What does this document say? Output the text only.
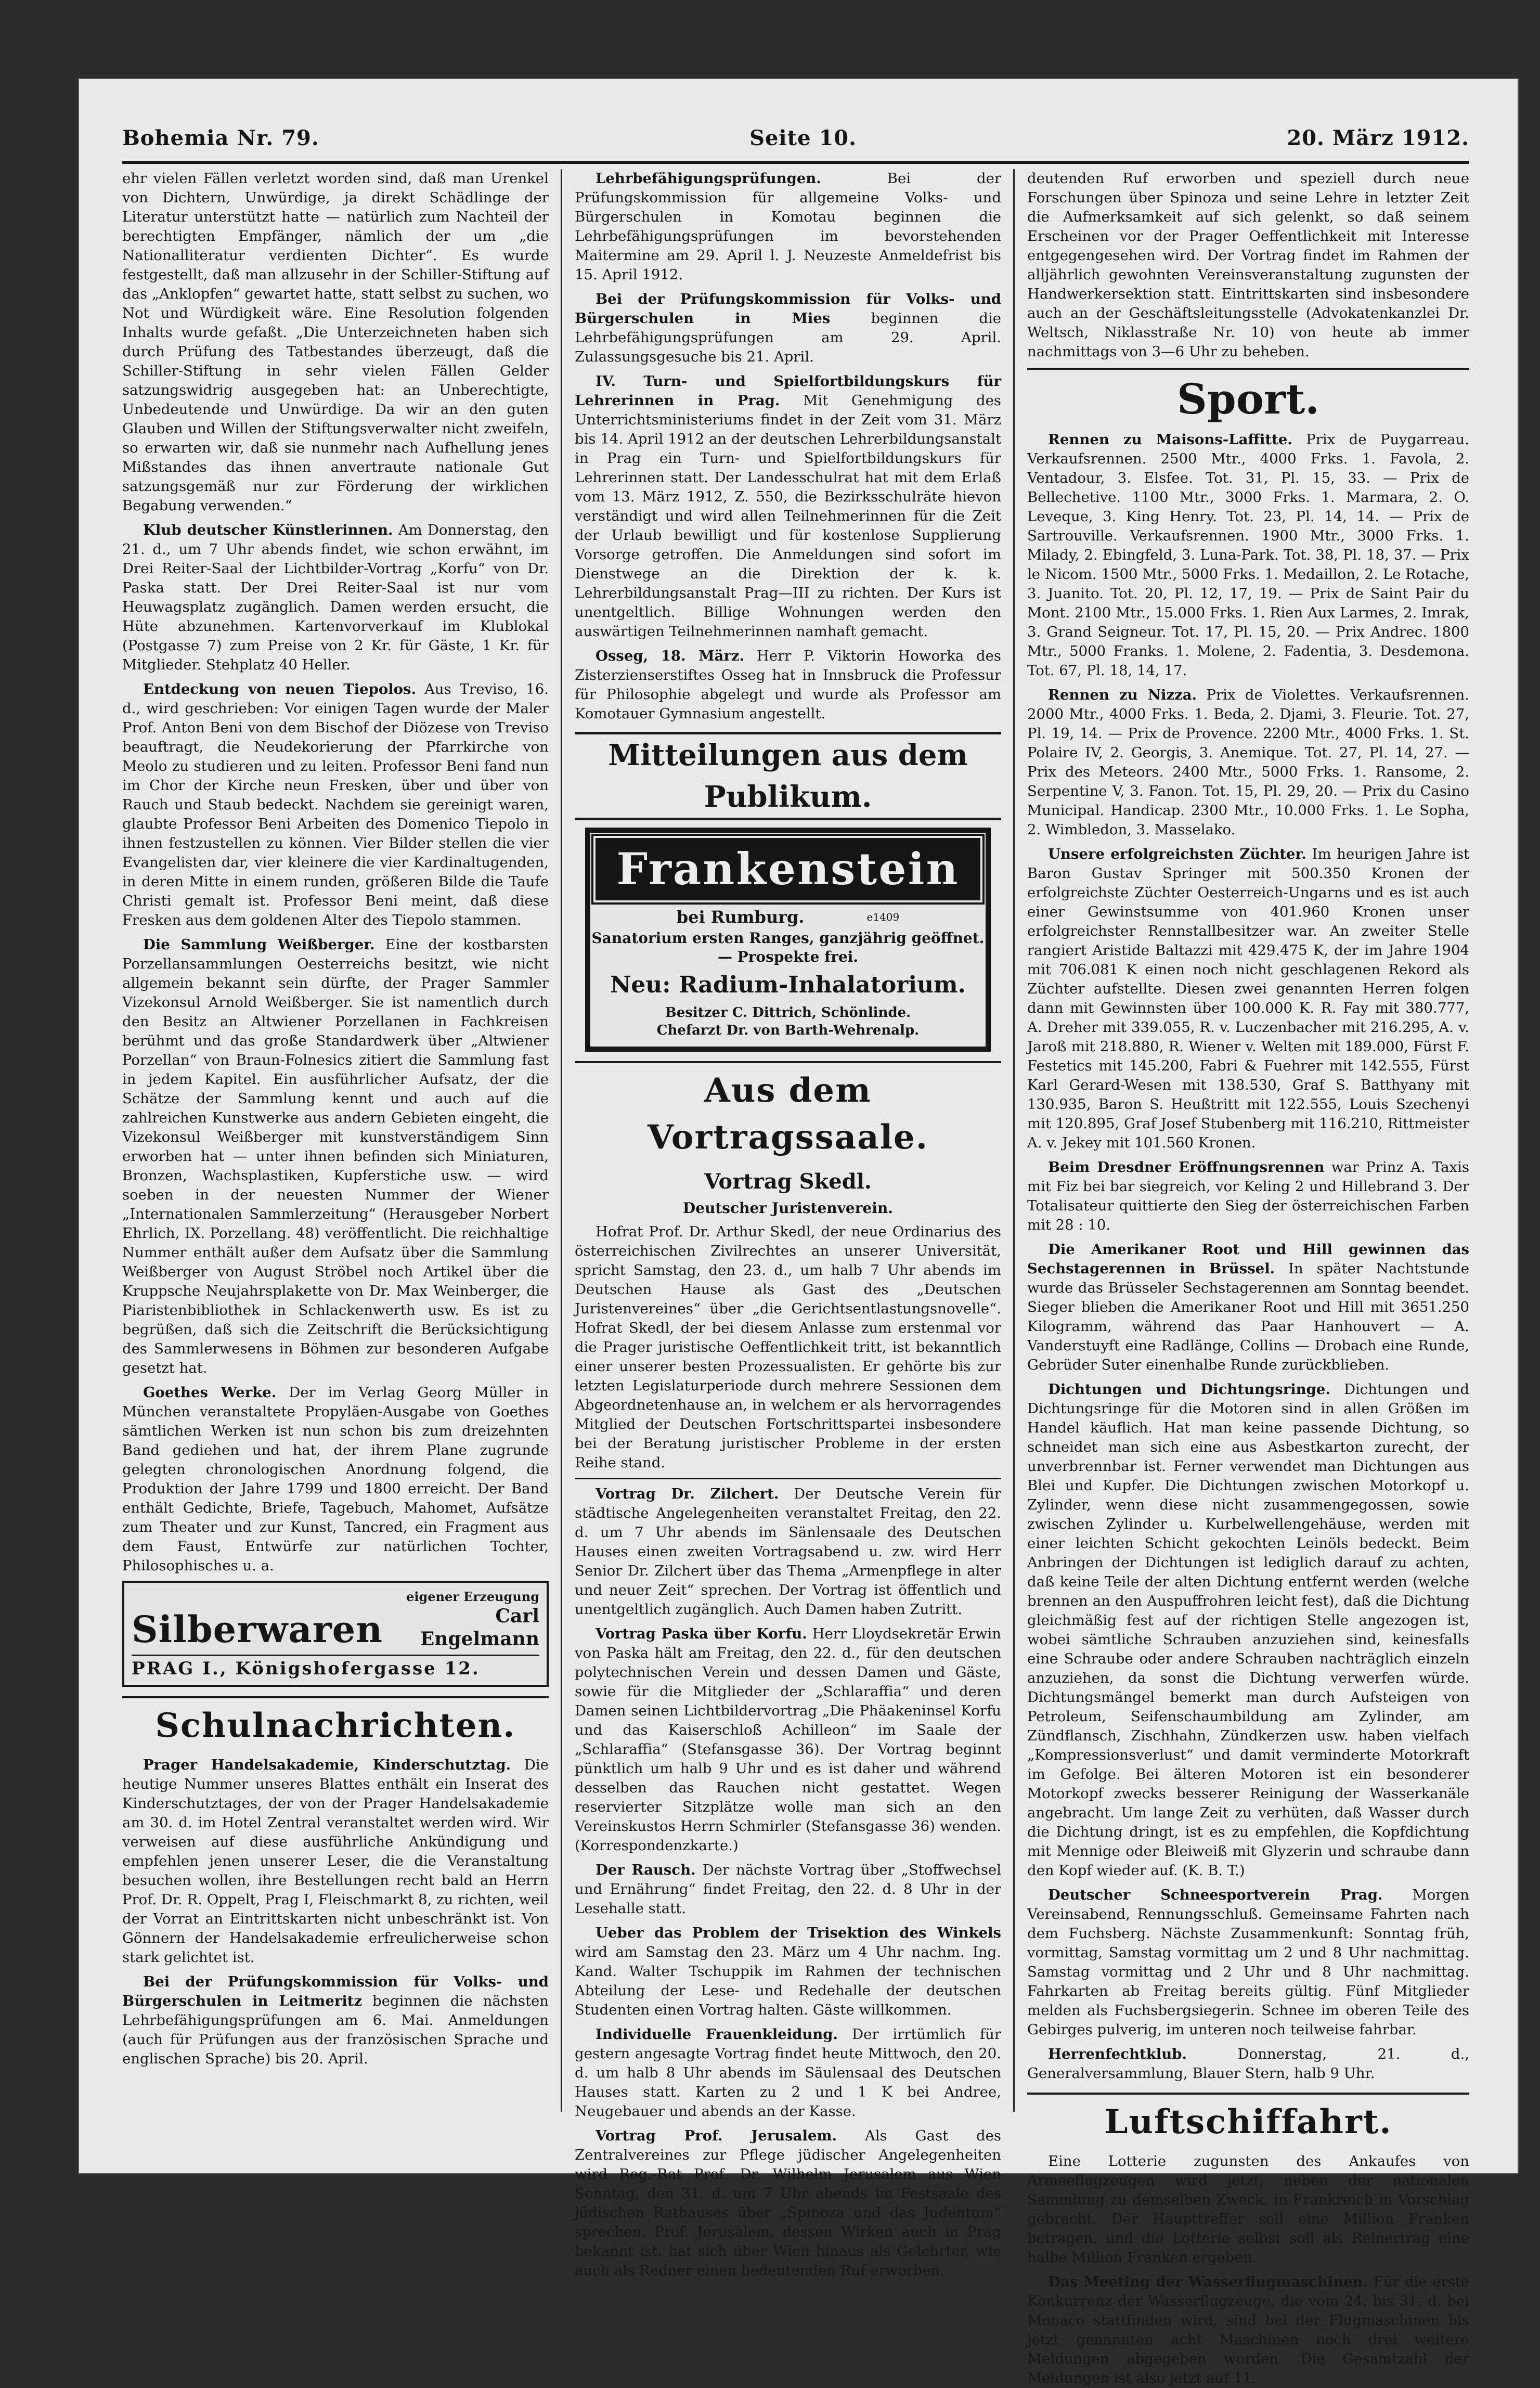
Bohemia Nr. 79.	Seite 10.	20. März 1912.

ehr vielen Fällen verletzt worden sind, daß man Urenkel von Dichtern, Unwürdige, ja direkt Schädlinge der Literatur unterstützt hatte — natürlich zum Nachteil der berechtigten Empfänger, nämlich der um „die Nationalliteratur verdienten Dichter“. Es wurde festgestellt, daß man allzusehr in der Schiller-Stiftung auf das „Anklopfen“ gewartet hatte, statt selbst zu suchen, wo Not und Würdigkeit wäre. Eine Resolution folgenden Inhalts wurde gefaßt. „Die Unterzeichneten haben sich durch Prüfung des Tatbestandes überzeugt, daß die Schiller-Stiftung in sehr vielen Fällen Gelder satzungswidrig ausgegeben hat: an Unberechtigte, Unbedeutende und Unwürdige. Da wir an den guten Glauben und Willen der Stiftungsverwalter nicht zweifeln, so erwarten wir, daß sie nunmehr nach Aufhellung jenes Mißstandes das ihnen anvertraute nationale Gut satzungsgemäß nur zur Förderung der wirklichen Begabung verwenden.“

Klub deutscher Künstlerinnen. Am Donnerstag, den 21. d., um 7 Uhr abends findet, wie schon erwähnt, im Drei Reiter-Saal der Lichtbilder-Vortrag „Korfu“ von Dr. Paska statt. Der Drei Reiter-Saal ist nur vom Heuwagsplatz zugänglich. Damen werden ersucht, die Hüte abzunehmen. Kartenvorverkauf im Klublokal (Postgasse 7) zum Preise von 2 Kr. für Gäste, 1 Kr. für Mitglieder. Stehplatz 40 Heller.

Entdeckung von neuen Tiepolos. Aus Treviso, 16. d., wird geschrieben: Vor einigen Tagen wurde der Maler Prof. Anton Beni von dem Bischof der Diözese von Treviso beauftragt, die Neudekorierung der Pfarrkirche von Meolo zu studieren und zu leiten. Professor Beni fand nun im Chor der Kirche neun Fresken, über und über von Rauch und Staub bedeckt. Nachdem sie gereinigt waren, glaubte Professor Beni Arbeiten des Domenico Tiepolo in ihnen festzustellen zu können. Vier Bilder stellen die vier Evangelisten dar, vier kleinere die vier Kardinaltugenden, in deren Mitte in einem runden, größeren Bilde die Taufe Christi gemalt ist. Professor Beni meint, daß diese Fresken aus dem goldenen Alter des Tiepolo stammen.

Die Sammlung Weißberger. Eine der kostbarsten Porzellansammlungen Oesterreichs besitzt, wie nicht allgemein bekannt sein dürfte, der Prager Sammler Vizekonsul Arnold Weißberger. Sie ist namentlich durch den Besitz an Altwiener Porzellanen in Fachkreisen berühmt und das große Standardwerk über „Altwiener Porzellan“ von Braun-Folnesics zitiert die Sammlung fast in jedem Kapitel. Ein ausführlicher Aufsatz, der die Schätze der Sammlung kennt und auch auf die zahlreichen Kunstwerke aus andern Gebieten eingeht, die Vizekonsul Weißberger mit kunstverständigem Sinn erworben hat — unter ihnen befinden sich Miniaturen, Bronzen, Wachsplastiken, Kupferstiche usw. — wird soeben in der neuesten Nummer der Wiener „Internationalen Sammlerzeitung“ (Herausgeber Norbert Ehrlich, IX. Porzellang. 48) veröffentlicht. Die reichhaltige Nummer enthält außer dem Aufsatz über die Sammlung Weißberger von August Ströbel noch Artikel über die Kruppsche Neujahrsplakette von Dr. Max Weinberger, die Piaristenbibliothek in Schlackenwerth usw. Es ist zu begrüßen, daß sich die Zeitschrift die Berücksichtigung des Sammlerwesens in Böhmen zur besonderen Aufgabe gesetzt hat.

Goethes Werke. Der im Verlag Georg Müller in München veranstaltete Propyläen-Ausgabe von Goethes sämtlichen Werken ist nun schon bis zum dreizehnten Band gediehen und hat, der ihrem Plane zugrunde gelegten chronologischen Anordnung folgend, die Produktion der Jahre 1799 und 1800 erreicht. Der Band enthält Gedichte, Briefe, Tagebuch, Mahomet, Aufsätze zum Theater und zur Kunst, Tancred, ein Fragment aus dem Faust, Entwürfe zur natürlichen Tochter, Philosophisches u. a.

Silberwaren
eigener Erzeugung
Carl Engelmann
PRAG I., Königshofergasse 12.
Schulnachrichten.

Prager Handelsakademie, Kinderschutztag. Die heutige Nummer unseres Blattes enthält ein Inserat des Kinderschutztages, der von der Prager Handelsakademie am 30. d. im Hotel Zentral veranstaltet werden wird. Wir verweisen auf diese ausführliche Ankündigung und empfehlen jenen unserer Leser, die die Veranstaltung besuchen wollen, ihre Bestellungen recht bald an Herrn Prof. Dr. R. Oppelt, Prag I, Fleischmarkt 8, zu richten, weil der Vorrat an Eintrittskarten nicht unbeschränkt ist. Von Gönnern der Handelsakademie erfreulicherweise schon stark gelichtet ist.

Bei der Prüfungskommission für Volks- und Bürgerschulen in Leitmeritz beginnen die nächsten Lehrbefähigungsprüfungen am 6. Mai. Anmeldungen (auch für Prüfungen aus der französischen Sprache und englischen Sprache) bis 20. April.

Lehrbefähigungsprüfungen.	Bei der Prüfungskommission für allgemeine Volks- und Bürgerschulen in Komotau beginnen die Lehrbefähigungsprüfungen im bevorstehenden Maitermine am 29. April l. J. Neuzeste Anmeldefrist bis 15. April 1912.

Bei der Prüfungskommission für Volks- und Bürgerschulen in Mies	beginnen die Lehrbefähigungsprüfungen am 29. April. Zulassungsgesuche bis 21. April.

IV. Turn- und Spielfortbildungskurs für Lehrerinnen in Prag. Mit Genehmigung des Unterrichtsministeriums findet in der Zeit vom 31. März bis 14. April 1912 an der deutschen Lehrerbildungsanstalt in Prag ein Turn- und Spielfortbildungskurs für Lehrerinnen statt. Der Landesschulrat hat mit dem Erlaß vom 13. März 1912, Z. 550, die Bezirksschulräte hievon verständigt und wird allen Teilnehmerinnen für die Zeit der Urlaub bewilligt und für kostenlose Supplierung Vorsorge getroffen. Die Anmeldungen sind sofort im Dienstwege an die Direktion der k. k. Lehrerbildungsanstalt Prag—III zu richten. Der Kurs ist unentgeltlich. Billige Wohnungen werden den auswärtigen Teilnehmerinnen namhaft gemacht.

Osseg, 18. März. Herr P. Viktorin Howorka des Zisterzienserstiftes Osseg hat in Innsbruck die Professur für Philosophie abgelegt und wurde als Professor am Komotauer Gymnasium angestellt.

Mitteilungen aus dem Publikum.
Frankenstein
bei Rumburg.	e1409
Sanatorium ersten Ranges, ganzjährig geöffnet. — Prospekte frei.
Neu: Radium-Inhalatorium.
Besitzer C. Dittrich, Schönlinde.
Chefarzt Dr. von Barth-Wehrenalp.
Aus dem Vortragssaale.
Vortrag Skedl.
Deutscher Juristenverein.

Hofrat Prof. Dr. Arthur Skedl, der neue Ordinarius des österreichischen Zivilrechtes an unserer Universität, spricht Samstag, den 23. d., um halb 7 Uhr abends im Deutschen Hause als Gast des „Deutschen Juristenvereines“ über „die Gerichtsentlastungsnovelle“. Hofrat Skedl, der bei diesem Anlasse zum erstenmal vor die Prager juristische Oeffentlichkeit tritt, ist bekanntlich einer unserer besten Prozessualisten. Er gehörte bis zur letzten Legislaturperiode durch mehrere Sessionen dem Abgeordnetenhause an, in welchem er als hervorragendes Mitglied der Deutschen Fortschrittspartei insbesondere bei der Beratung juristischer Probleme in der ersten Reihe stand.

Vortrag Dr. Zilchert. Der Deutsche Verein für städtische Angelegenheiten veranstaltet Freitag, den 22. d. um 7 Uhr abends im Sänlensaale des Deutschen Hauses einen zweiten Vortragsabend u. zw. wird Herr Senior Dr. Zilchert über das Thema „Armenpflege in alter und neuer Zeit“ sprechen. Der Vortrag ist öffentlich und unentgeltlich zugänglich. Auch Damen haben Zutritt.

Vortrag Paska über Korfu. Herr Lloydsekretär Erwin von Paska hält am Freitag, den 22. d., für den deutschen polytechnischen Verein und dessen Damen und Gäste, sowie für die Mitglieder der „Schlaraffia“ und deren Damen seinen Lichtbildervortrag „Die Phäakeninsel Korfu und das Kaiserschloß Achilleon“ im Saale der „Schlaraffia“ (Stefansgasse 36). Der Vortrag beginnt pünktlich um halb 9 Uhr und es ist daher und während desselben das Rauchen nicht gestattet. Wegen reservierter Sitzplätze wolle man sich an den Vereinskustos Herrn Schmirler (Stefansgasse 36) wenden. (Korrespondenzkarte.)

Der Rausch. Der nächste Vortrag über „Stoffwechsel und Ernährung“ findet Freitag, den 22. d. 8 Uhr in der Lesehalle statt.

Ueber das Problem der Trisektion des Winkels wird am Samstag den 23. März um 4 Uhr nachm. Ing. Kand. Walter Tschuppik im Rahmen der technischen Abteilung der Lese- und Redehalle der deutschen Studenten einen Vortrag halten. Gäste willkommen.

Individuelle Frauenkleidung. Der irrtümlich für gestern angesagte Vortrag findet heute Mittwoch, den 20. d. um halb 8 Uhr abends im Säulensaal des Deutschen Hauses statt. Karten zu 2 und 1 K bei Andree, Neugebauer und abends an der Kasse.

Vortrag Prof. Jerusalem. Als Gast des Zentralvereines zur Pflege jüdischer Angelegenheiten wird Reg.-Rat Prof. Dr. Wilhelm Jerusalem aus Wien Sonntag, den 31. d. um 7 Uhr abends im Festsaale des jüdischen Rathauses über „Spinoza und das Judentum“ sprechen. Prof. Jerusalem, dessen Wirken auch in Prag bekannt ist, hat sich über Wien hinaus als Gelehrter, wie auch als Redner einen bedeutenden Ruf erworben.

deutenden Ruf erworben und speziell durch neue Forschungen über Spinoza und seine Lehre in letzter Zeit die Aufmerksamkeit auf sich gelenkt, so daß seinem Erscheinen vor der Prager Oeffentlichkeit mit Interesse entgegengesehen wird. Der Vortrag findet im Rahmen der alljährlich gewohnten Vereinsveranstaltung zugunsten der Handwerkersektion statt. Eintrittskarten sind insbesondere auch an der Geschäftsleitungsstelle (Advokatenkanzlei Dr. Weltsch, Niklasstraße Nr. 10) von heute ab immer nachmittags von 3—6 Uhr zu beheben.

Sport.

Rennen zu Maisons-Laffitte. Prix de Puygarreau. Verkaufsrennen. 2500 Mtr., 4000 Frks. 1. Favola, 2. Ventadour, 3. Elsfee. Tot. 31, Pl. 15, 33. — Prix de Bellechetive. 1100 Mtr., 3000 Frks. 1. Marmara, 2. O. Leveque, 3. King Henry. Tot. 23, Pl. 14, 14. — Prix de Sartrouville. Verkaufsrennen. 1900 Mtr., 3000 Frks. 1. Milady, 2. Ebingfeld, 3. Luna-Park. Tot. 38, Pl. 18, 37. — Prix le Nicom. 1500 Mtr., 5000 Frks. 1. Medaillon, 2. Le Rotache, 3. Juanito. Tot. 20, Pl. 12, 17, 19. — Prix de Saint Pair du Mont. 2100 Mtr., 15.000 Frks. 1. Rien Aux Larmes, 2. Imrak, 3. Grand Seigneur. Tot. 17, Pl. 15, 20. — Prix Andrec. 1800 Mtr., 5000 Franks. 1. Molene, 2. Fadentia, 3. Desdemona. Tot. 67, Pl. 18, 14, 17.

Rennen zu Nizza. Prix de Violettes. Verkaufsrennen. 2000 Mtr., 4000 Frks. 1. Beda, 2. Djami, 3. Fleurie. Tot. 27, Pl. 19, 14. — Prix de Provence. 2200 Mtr., 4000 Frks. 1. St. Polaire IV, 2. Georgis, 3. Anemique. Tot. 27, Pl. 14, 27. — Prix des Meteors. 2400 Mtr., 5000 Frks. 1. Ransome, 2. Serpentine V, 3. Fanon. Tot. 15, Pl. 29, 20. — Prix du Casino Municipal. Handicap. 2300 Mtr., 10.000 Frks. 1. Le Sopha, 2. Wimbledon, 3. Masselako.

Unsere erfolgreichsten Züchter. Im heurigen Jahre ist Baron Gustav Springer mit 500.350 Kronen der erfolgreichste Züchter Oesterreich-Ungarns und es ist auch einer Gewinstsumme von 401.960 Kronen unser erfolgreichster Rennstallbesitzer war. An zweiter Stelle rangiert Aristide Baltazzi mit 429.475 K, der im Jahre 1904 mit 706.081 K einen noch nicht geschlagenen Rekord als Züchter aufstellte. Diesen zwei genannten Herren folgen dann mit Gewinnsten über 100.000 K. R. Fay mit 380.777, A. Dreher mit 339.055, R. v. Luczenbacher mit 216.295, A. v. Jaroß mit 218.880, R. Wiener v. Welten mit 189.000, Fürst F. Festetics mit 145.200, Fabri & Fuehrer mit 142.555, Fürst Karl Gerard-Wesen mit 138.530, Graf S. Batthyany mit 130.935, Baron S. Heußtritt mit 122.555, Louis Szechenyi mit 120.895, Graf Josef Stubenberg mit 116.210, Rittmeister A. v. Jekey mit 101.560 Kronen.

Beim Dresdner Eröffnungsrennen war Prinz A. Taxis mit Fiz bei bar siegreich, vor Keling 2 und Hillebrand 3. Der Totalisateur quittierte den Sieg der österreichischen Farben mit 28 : 10.

Die Amerikaner Root und Hill gewinnen das Sechstagerennen in Brüssel. In später Nachtstunde wurde das Brüsseler Sechstagerennen am Sonntag beendet. Sieger blieben die Amerikaner Root und Hill mit 3651.250 Kilogramm, während das Paar Hanhouvert — A. Vanderstuyft eine Radlänge, Collins — Drobach eine Runde, Gebrüder Suter einenhalbe Runde zurückblieben.

Dichtungen und Dichtungsringe. Dichtungen und Dichtungsringe für die Motoren sind in allen Größen im Handel käuflich. Hat man keine passende Dichtung, so schneidet man sich eine aus Asbestkarton zurecht, der unverbrennbar ist. Ferner verwendet man Dichtungen aus Blei und Kupfer. Die Dichtungen zwischen Motorkopf u. Zylinder, wenn diese nicht zusammengegossen, sowie zwischen Zylinder u. Kurbelwellengehäuse, werden mit einer leichten Schicht gekochten Leinöls bedeckt. Beim Anbringen der Dichtungen ist lediglich darauf zu achten, daß keine Teile der alten Dichtung entfernt werden (welche brennen an den Auspuffrohren leicht fest), daß die Dichtung gleichmäßig fest auf der richtigen Stelle angezogen ist, wobei sämtliche Schrauben anzuziehen sind, keinesfalls eine Schraube oder andere Schrauben nachträglich einzeln anzuziehen, da sonst die Dichtung verwerfen würde. Dichtungsmängel bemerkt man durch Aufsteigen von Petroleum, Seifenschaumbildung am Zylinder, am Zündflansch, Zischhahn, Zündkerzen usw. haben vielfach „Kompressionsverlust“ und damit verminderte Motorkraft im Gefolge. Bei älteren Motoren ist ein besonderer Motorkopf zwecks besserer Reinigung der Wasserkanäle angebracht. Um lange Zeit zu verhüten, daß Wasser durch die Dichtung dringt, ist es zu empfehlen, die Kopfdichtung mit Mennige oder Bleiweiß mit Glyzerin und schraube dann den Kopf wieder auf. (K. B. T.)

Deutscher Schneesportverein Prag. Morgen Vereinsabend, Rennungsschluß. Gemeinsame Fahrten nach dem Fuchsberg. Nächste Zusammenkunft: Sonntag früh, vormittag, Samstag vormittag um 2 und 8 Uhr nachmittag. Samstag vormittag und 2 Uhr und 8 Uhr nachmittag. Fahrkarten ab Freitag bereits gültig. Fünf Mitglieder melden als Fuchsbergsiegerin. Schnee im oberen Teile des Gebirges pulverig, im unteren noch teilweise fahrbar.

Herrenfechtklub.	Donnerstag, 21. d., Generalversammlung, Blauer Stern, halb 9 Uhr.

Luftschiffahrt.

Eine Lotterie zugunsten des Ankaufes von Armeeflugzeugen wird jetzt, neben der nationalen Sammlung zu demselben Zweck, in Frankreich in Vorschlag gebracht. Der Haupttreffer soll eine Million Franken betragen, und die Lotterie selbst soll als Reinertrag eine halbe Million Franken ergeben.

Das Meeting der Wasserflugmaschinen. Für die erste Konkurrenz der Wasserflugzeuge, die vom 24. bis 31. d. bei Monaco stattfinden wird, sind bei der Flugmaschinen bis jetzt genannten acht Maschinen noch drei weitere Meldungen abgegeben worden. Die Gesamtzahl der Meldungen ist also jetzt auf 11.
